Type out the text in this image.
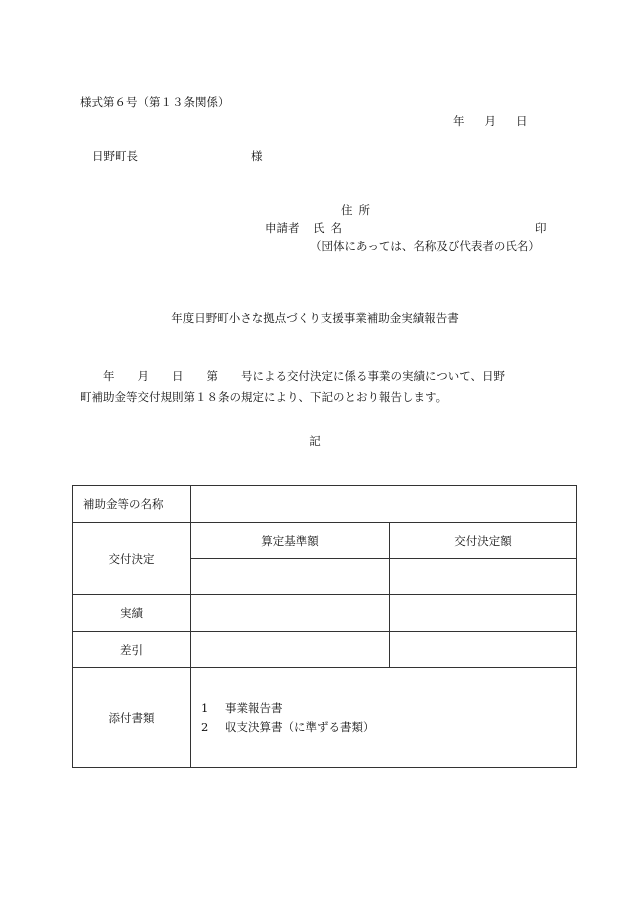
様式第６号（第１３条関係）
年 月 日
日野町長	様
住所
申請者 氏名	印
（団体にあっては、名称及び代表者の氏名）
年度日野町小さな拠点づくり支援事業補助金実績報告書
　　年　　月　　日　　第　　号による交付決定に係る事業の実績について、日野
町補助金等交付規則第１８条の規定により、下記のとおり報告します。
記
補助金等の名称		
交付決定	算定基準額	交付決定額

実績		
差引		
添付書類	1 事業報告書
2 収支決算書（に準ずる書類）	
